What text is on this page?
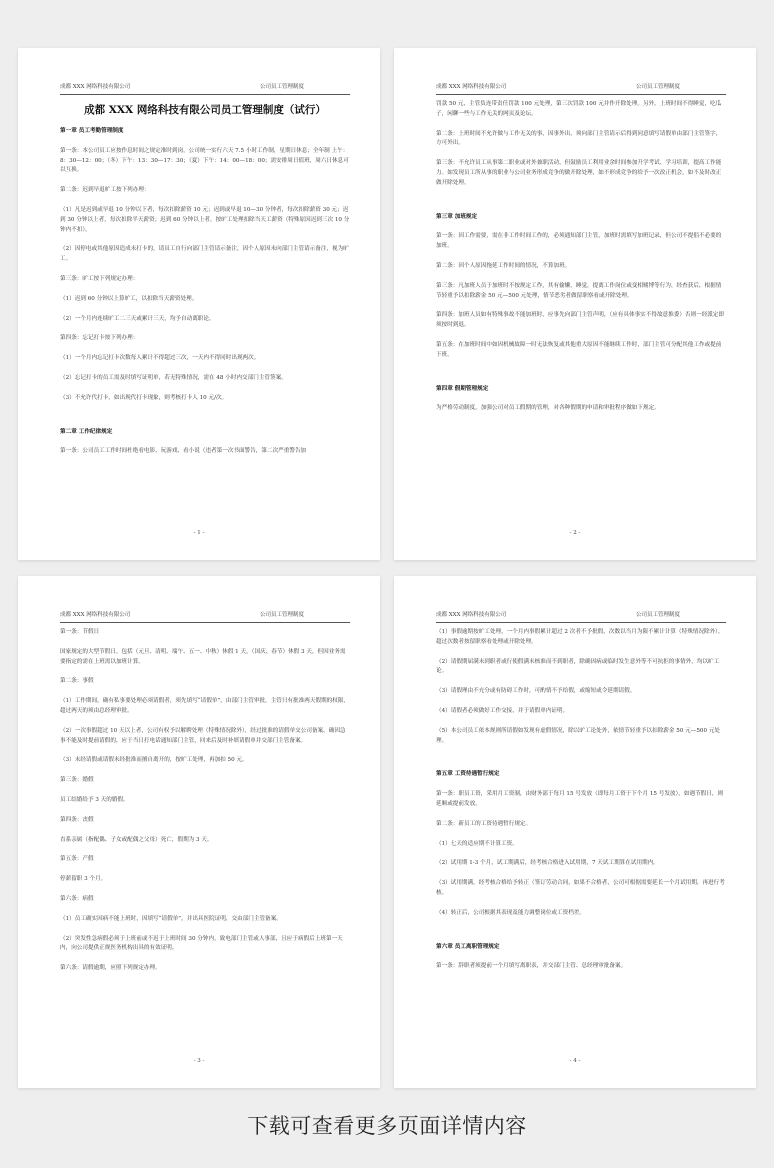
成都 XXX 网络科技有限公司	公司员工管理制度
成都 XXX 网络科技有限公司员工管理制度（试行）

第一章 员工考勤管理制度

第一条：本公司员工应按作息时间之规定准时到岗，公司统一实行六天 7.5 小时工作制，星期日休息；全年制 上午：8：30—12：00；（冬）下午：13：30—17：30；（夏）下午：14：00—18：00；需安排周日值班，周六日休息可以互换。

第二条：迟到早退旷工按下列办理：

（1）凡是迟到或早退 10 分钟以下者，每次扣除薪资 10 元；迟到或早退 10—30 分钟者，每次扣除薪资 30 元；迟到 30 分钟以上者，每次扣除半天薪资；迟到 60 分钟以上者，按旷工处理扣除当天工薪资（特殊原因迟到三次 10 分钟内不扣）。

（2）因停电或其他原因造成未打卡的，请员工自行向部门主管请示备注，因个人原因未向部门主管请示备注，视为旷工。

第三条：旷工按下列规定办理：

（1）迟到 60 分钟以上算旷工，以扣除当天薪资处理。

（2）一个月内连续旷工二三天或累计三天，均予自动离职论。

第四条：忘记打卡按下列办理：

（1）一个月内忘记打卡次数每人累计不得超过三次，一天内不得同时出现两次。

（2）忘记打卡的员工需及时填写证明单，若无特殊情况，需在 48 小时内交部门主管签案。

（3）不允许代打卡，如出现代打卡现象，则考核打卡人 10 元/次。

第二章 工作纪律规定

第一条：公司员工工作时间杜绝看电影、玩游戏、看小说（违者第一次书面警告，第二次严重警告加

- 1 -
成都 XXX 网络科技有限公司	公司员工管理制度

罚款 50 元，主管负连带责任罚款 100 元处理，第三次罚款 100 元并作开除处理。另外，上班时间不得睡觉，吃瓜子，闲聊一些与工作无关的网页及论坛。

第二条：上班时间不允许做与工作无关的事，因事外出，须向部门主管请示后得到同意填写请假单由部门主管签字，方可外出。

第三条：不允许员工从事第二职业或对外兼职活动，但鼓励员工利用业余时间参加升学考试、学习培训，提高工作能力。如发现员工所从事的职业与公司业务形成竞争的做开除处理，如不形成竞争的给予一次改正机会，如不及时改正做开除处理。

第三章 加班规定

第一条：因工作需要，需在非工作时间工作的，必须通知部门主管，加班时需填写加班记录，但公司不提倡不必要的加班。

第二条：因个人原因拖延工作时间的情况，不算加班。

第三条：凡加班人员于加班时不按规定工作，其有偷懒，睡觉，提离工作岗位或变相赌博等行为，经查获后，根据情节轻重予以扣除薪金 50 元—500 元处理，情节恶劣者做留职察看或开除处理。

第四条：加班人员如有特殊事故不能加班时，应事先向部门主管声明，（应有具体事实不得故意推委）否则一经派定即须按时到退。

第五条：在加班时间中如因机械故障一时无法恢复或其他重大原因不能继续工作时，部门主管可分配其他工作或提前下班。

第四章 假期管理规定

为严格劳动制度，加强公司对员工假期的管理，对各种假期的申请和审批程序做如下规定。

- 2 -
成都 XXX 网络科技有限公司	公司员工管理制度

第一条：节假日

国家规定的大型节假日，包括（元旦、清明、端午、五一、中秋）休假 1 天，（国庆、春节）休假 3 天，但因业务需要指定的需在上班需以加班计算。

第二条：事假

（1）工作期间，确有私事要处理必须请假者，须先填写“请假单”，由部门主管审批，主管只有批准两天假期的权限，超过两天的须由总经理审批。

（2）一次事假超过 10 天以上者，公司有权予以解聘处理（特殊情况除外），经过批准的请假单交公司备案，确因急事不能及时提前请假的，应于当日打电话通知部门主管，回来后及时补填请假单并交部门主管备案。

（3）未经请假或请假未经批准而擅自离开的，按旷工处理，再加扣 50 元。

第三条：婚假

员工结婚给予 3 天的婚假。

第四条：丧假

直系亲属（指配偶、子女或配偶之父母）死亡，假期为 3 天。

第五条：产假

停薪留职 3 个月。

第六条：病假

（1）员工确实因病不能上班时，因填写“请假单”，并出具医院证明，交由部门主管备案。

（2）突发性急病假必须于上班前或不迟于上班时间 30 分钟内，致电部门主管或人事部，且应于病假后上班第一天内，向公司提供正规医务机构出具的有效证明。

第六条：请假逾期，应照下列规定办理。

- 3 -
成都 XXX 网络科技有限公司	公司员工管理制度

（1）事假逾期按旷工处理，一个月内事假累计超过 2 次者不予批假，次数以当月为限不累计计算（特殊情况除外），超过次数者按留职察看处理或开除处理。

（2）请假期届满未到职者或行使假满未核准而不到职者，除确因病或临时发生意外等不可抗拒的事情外，均以旷工论。

（3）请假理由不充分或有防碍工作时，可酌情不予给假，或缩短或令延期请假。

（4）请假者必须做好工作交接，并于请假单内证明。

（5）本公司员工依本规则所请假如发现有虚假情况，除以旷工论处外，依情节轻重予以扣除薪金 50 元—500 元处理。

第五章 工资待遇暂行规定

第一条：职员工资，采用月工资制，由财务部于每月 15 号发放（即每月工资于下个月 15 号发放），如遇节假日，则延顺或提前发放。

第二条：新员工的工资待遇暂行规定。

（1）七天的适应期不计算工资。

（2）试用期 1-3 个月，试工期满后，经考核合格进入试用期，7 天试工期算在试用期内。

（3）试用期满，经考核合格给予转正（签订劳动合同，如果不合格者，公司可根据需要延长一个月试用期，再进行考核。

（4）转正后，公司根据其表现及能力调整岗位或工资档差。

第六章 员工离职管理规定

第一条：辞职者须提前一个月填写离职表，并交部门主管、总经理审批备案。

- 4 -
下载可查看更多页面详情内容
